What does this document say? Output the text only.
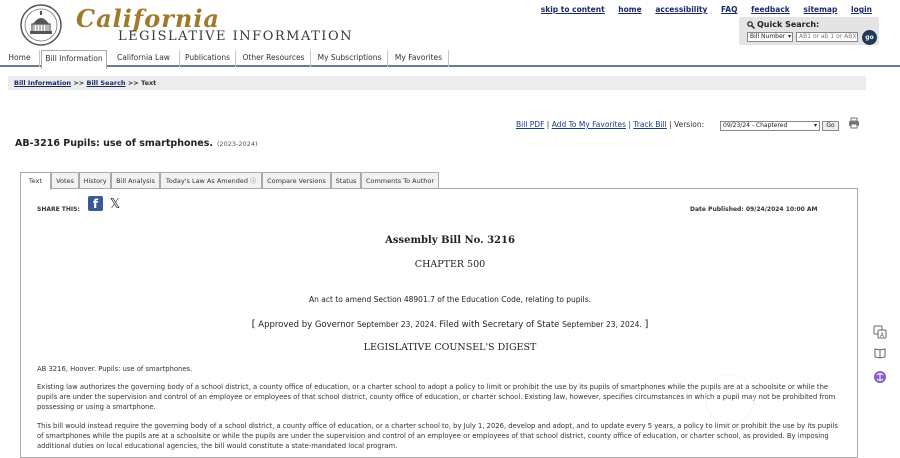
California
LEGISLATIVE INFORMATION
skip to content home accessibility FAQ feedback sitemap login
Quick Search:
Bill Number ▾	AB1 or ab 1 or ABX	go
Home	Bill Information	California Law	Publications	Other Resources	My Subscriptions	My Favorites
Bill Information >> Bill Search >> Text
Bill PDF | Add To My Favorites | Track Bill | Version:	09/23/24 - Chaptered ▾	Go
AB-3216 Pupils: use of smartphones. (2023-2024)
Text	Votes	History	Bill Analysis	Today's Law As Amended ⓘ	Compare Versions	Status	Comments To Author
SHARE THIS:	f 𝕏	Date Published: 09/24/2024 10:00 AM
Assembly Bill No. 3216
CHAPTER 500
An act to amend Section 48901.7 of the Education Code, relating to pupils.
[ Approved by Governor September 23, 2024. Filed with Secretary of State September 23, 2024. ]
LEGISLATIVE COUNSEL'S DIGEST
AB 3216, Hoover. Pupils: use of smartphones.
Existing law authorizes the governing body of a school district, a county office of education, or a charter school to adopt a policy to limit or prohibit the use by its pupils of smartphones while the pupils are at a schoolsite or while the pupils are under the supervision and control of an employee or employees of that school district, county office of education, or charter school. Existing law, however, specifies circumstances in which a pupil may not be prohibited from possessing or using a smartphone.
This bill would instead require the governing body of a school district, a county office of education, or a charter school to, by July 1, 2026, develop and adopt, and to update every 5 years, a policy to limit or prohibit the use by its pupils of smartphones while the pupils are at a schoolsite or while the pupils are under the supervision and control of an employee or employees of that school district, county office of education, or charter school, as provided. By imposing additional duties on local educational agencies, the bill would constitute a state-mandated local program.
A
